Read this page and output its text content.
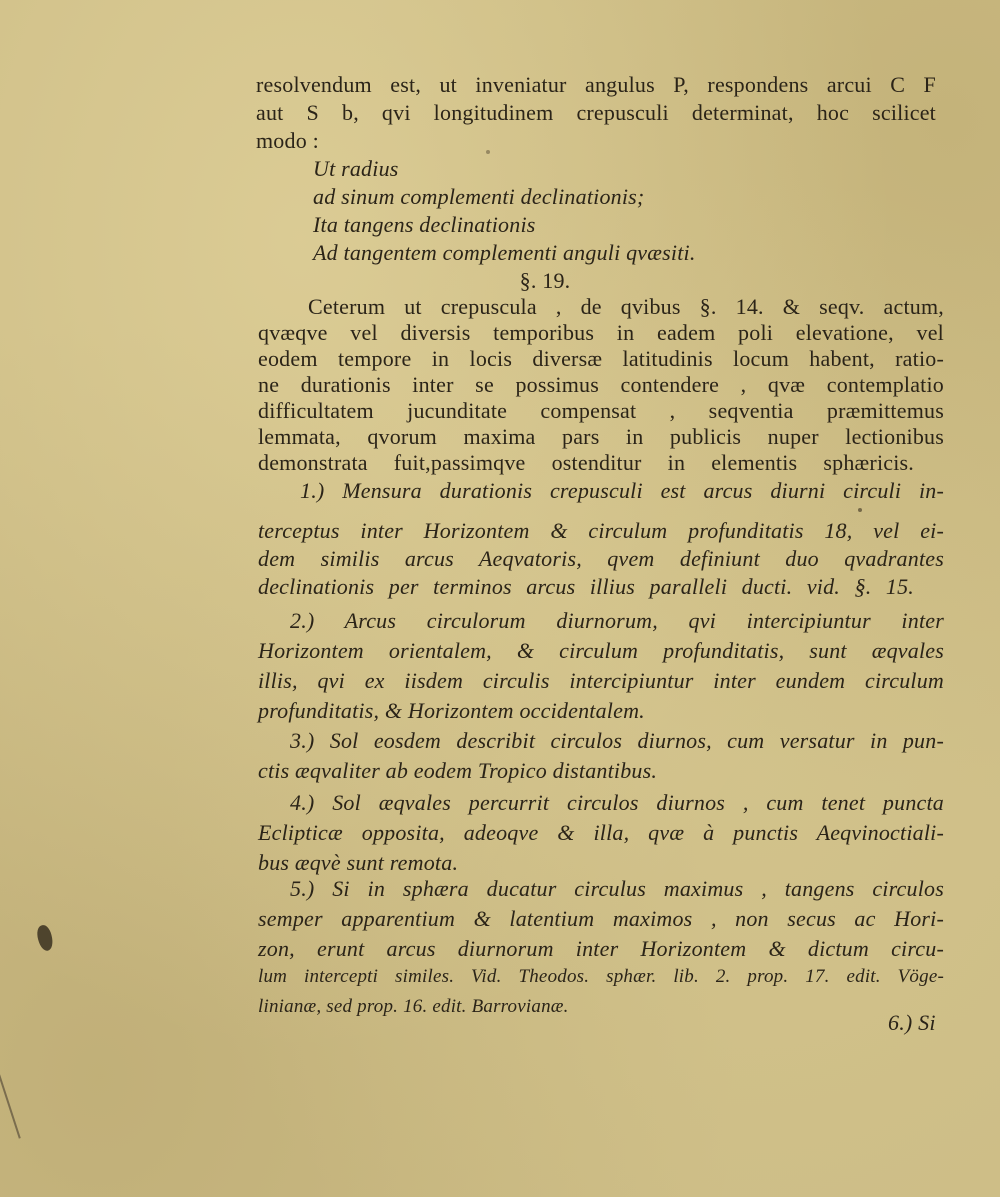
resolvendum est, ut inveniatur angulus P, respondens arcui C F
aut S b, qvi longitudinem crepusculi determinat, hoc scilicet
modo :
Ut radius
ad sinum complementi declinationis;
Ita tangens declinationis
Ad tangentem complementi anguli qvæsiti.
§. 19.
Ceterum ut crepuscula , de qvibus §. 14. & seqv. actum,
qvæqve vel diversis temporibus in eadem poli elevatione, vel
eodem tempore in locis diversæ latitudinis locum habent, ratio-
ne durationis inter se possimus contendere , qvæ contemplatio
difficultatem jucunditate compensat , seqventia præmittemus
lemmata, qvorum maxima pars in publicis nuper lectionibus
demonstrata fuit,passimqve ostenditur in elementis sphæricis.
1.) Mensura durationis crepusculi est arcus diurni circuli in-
terceptus inter Horizontem & circulum profunditatis 18, vel ei-
dem similis arcus Aeqvatoris, qvem definiunt duo qvadrantes
declinationis per terminos arcus illius paralleli ducti. vid. §. 15.
2.) Arcus circulorum diurnorum, qvi intercipiuntur inter
Horizontem orientalem, & circulum profunditatis, sunt æqvales
illis, qvi ex iisdem circulis intercipiuntur inter eundem circulum
profunditatis, & Horizontem occidentalem.
3.) Sol eosdem describit circulos diurnos, cum versatur in pun-
ctis æqvaliter ab eodem Tropico distantibus.
4.) Sol æqvales percurrit circulos diurnos , cum tenet puncta
Eclipticæ opposita, adeoqve & illa, qvæ à punctis Aeqvinoctiali-
bus æqvè sunt remota.
5.) Si in sphæra ducatur circulus maximus , tangens circulos
semper apparentium & latentium maximos , non secus ac Hori-
zon, erunt arcus diurnorum inter Horizontem & dictum circu-
lum intercepti similes. Vid. Theodos. sphær. lib. 2. prop. 17. edit. Vöge-
linianæ, sed prop. 16. edit. Barrovianæ.
6.) Si
